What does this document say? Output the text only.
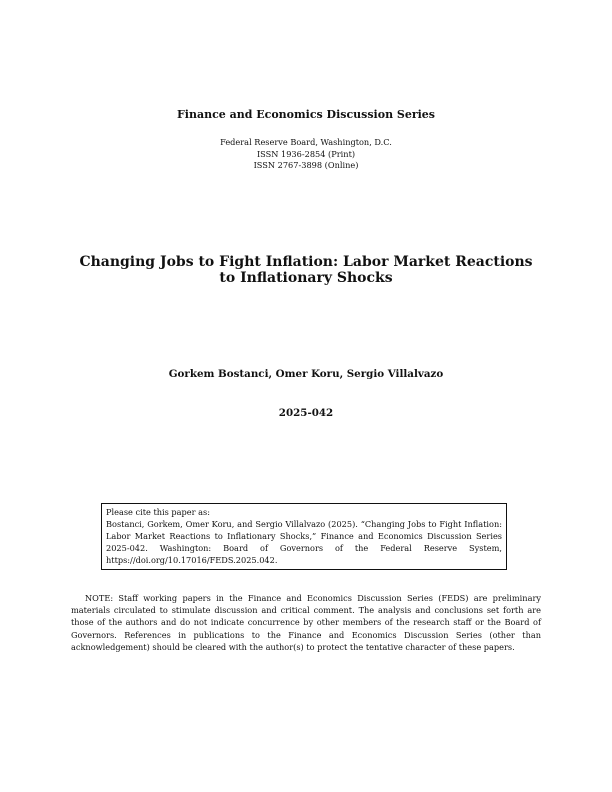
Finance and Economics Discussion Series
Federal Reserve Board, Washington, D.C.
ISSN 1936-2854 (Print)
ISSN 2767-3898 (Online)
Changing Jobs to Fight Inflation: Labor Market Reactions to Inflationary Shocks
Gorkem Bostanci, Omer Koru, Sergio Villalvazo
2025-042
Please cite this paper as:
Bostanci, Gorkem, Omer Koru, and Sergio Villalvazo (2025). “Changing Jobs to Fight Inflation: Labor Market Reactions to Inflationary Shocks,” Finance and Economics Discussion Series 2025-042. Washington: Board of Governors of the Federal Reserve System, https://doi.org/10.17016/FEDS.2025.042.
NOTE: Staff working papers in the Finance and Economics Discussion Series (FEDS) are preliminary materials circulated to stimulate discussion and critical comment. The analysis and conclusions set forth are those of the authors and do not indicate concurrence by other members of the research staff or the Board of Governors. References in publications to the Finance and Economics Discussion Series (other than acknowledgement) should be cleared with the author(s) to protect the tentative character of these papers.
